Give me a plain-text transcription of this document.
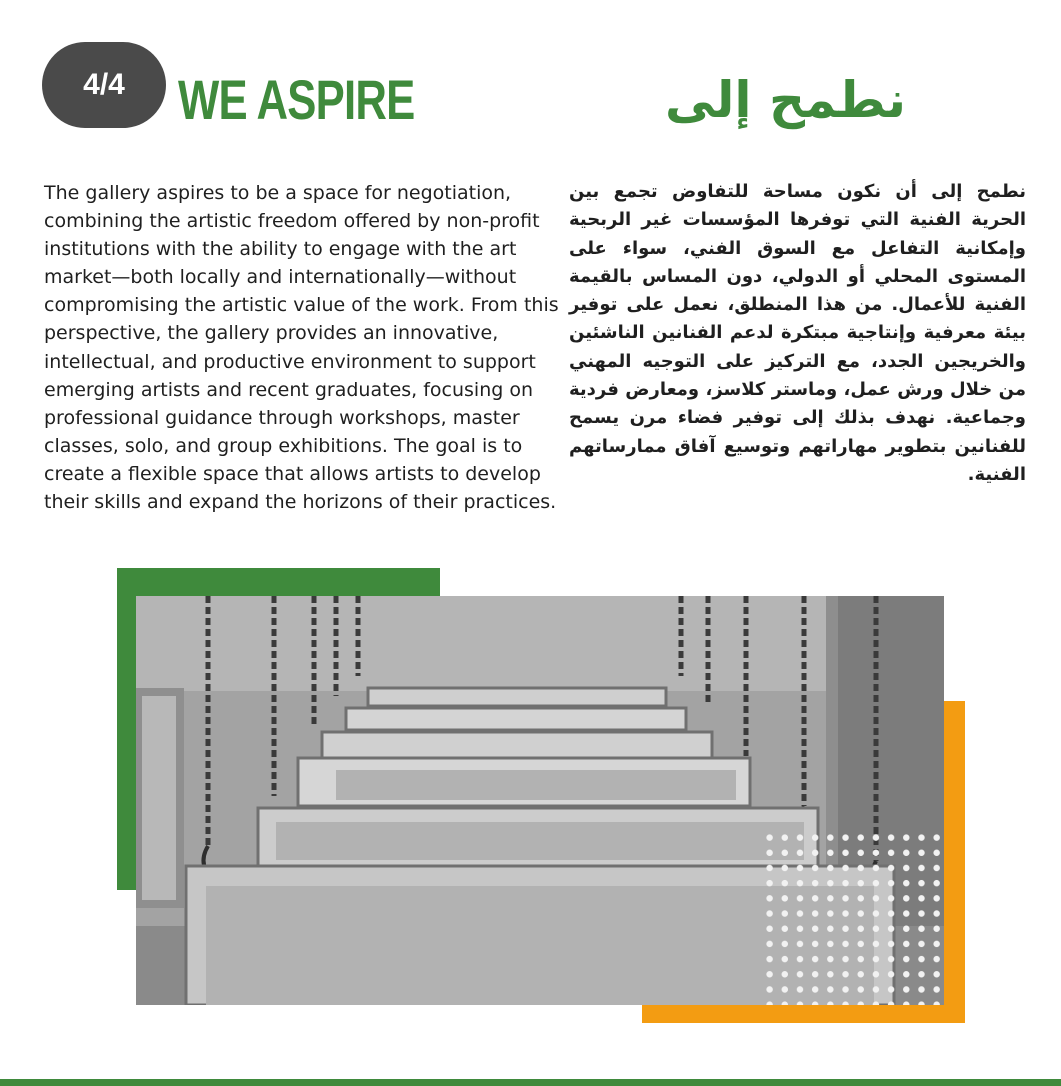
4/4 WE ASPIRE	نطمح إلى

The gallery aspires to be a space for negotiation, combining the artistic freedom offered by non-profit institutions with the ability to engage with the art market—both locally and internationally—without compromising the artistic value of the work. From this perspective, the gallery provides an innovative, intellectual, and productive environment to support emerging artists and recent graduates, focusing on professional guidance through workshops, master classes, solo, and group exhibitions. The goal is to create a flexible space that allows artists to develop their skills and expand the horizons of their practices.

نطمح إلى أن نكون مساحة للتفاوض تجمع بين الحرية الفنية التي توفرها المؤسسات غير الربحية وإمكانية التفاعل مع السوق الفني، سواء على المستوى المحلي أو الدولي، دون المساس بالقيمة الفنية للأعمال. من هذا المنطلق، نعمل على توفير بيئة معرفية وإنتاجية مبتكرة لدعم الفنانين الناشئين والخريجين الجدد، مع التركيز على التوجيه المهني من خلال ورش عمل، وماستر كلاسز، ومعارض فردية وجماعية. نهدف بذلك إلى توفير فضاء مرن يسمح للفنانين بتطوير مهاراتهم وتوسيع آفاق ممارساتهم الفنية.
